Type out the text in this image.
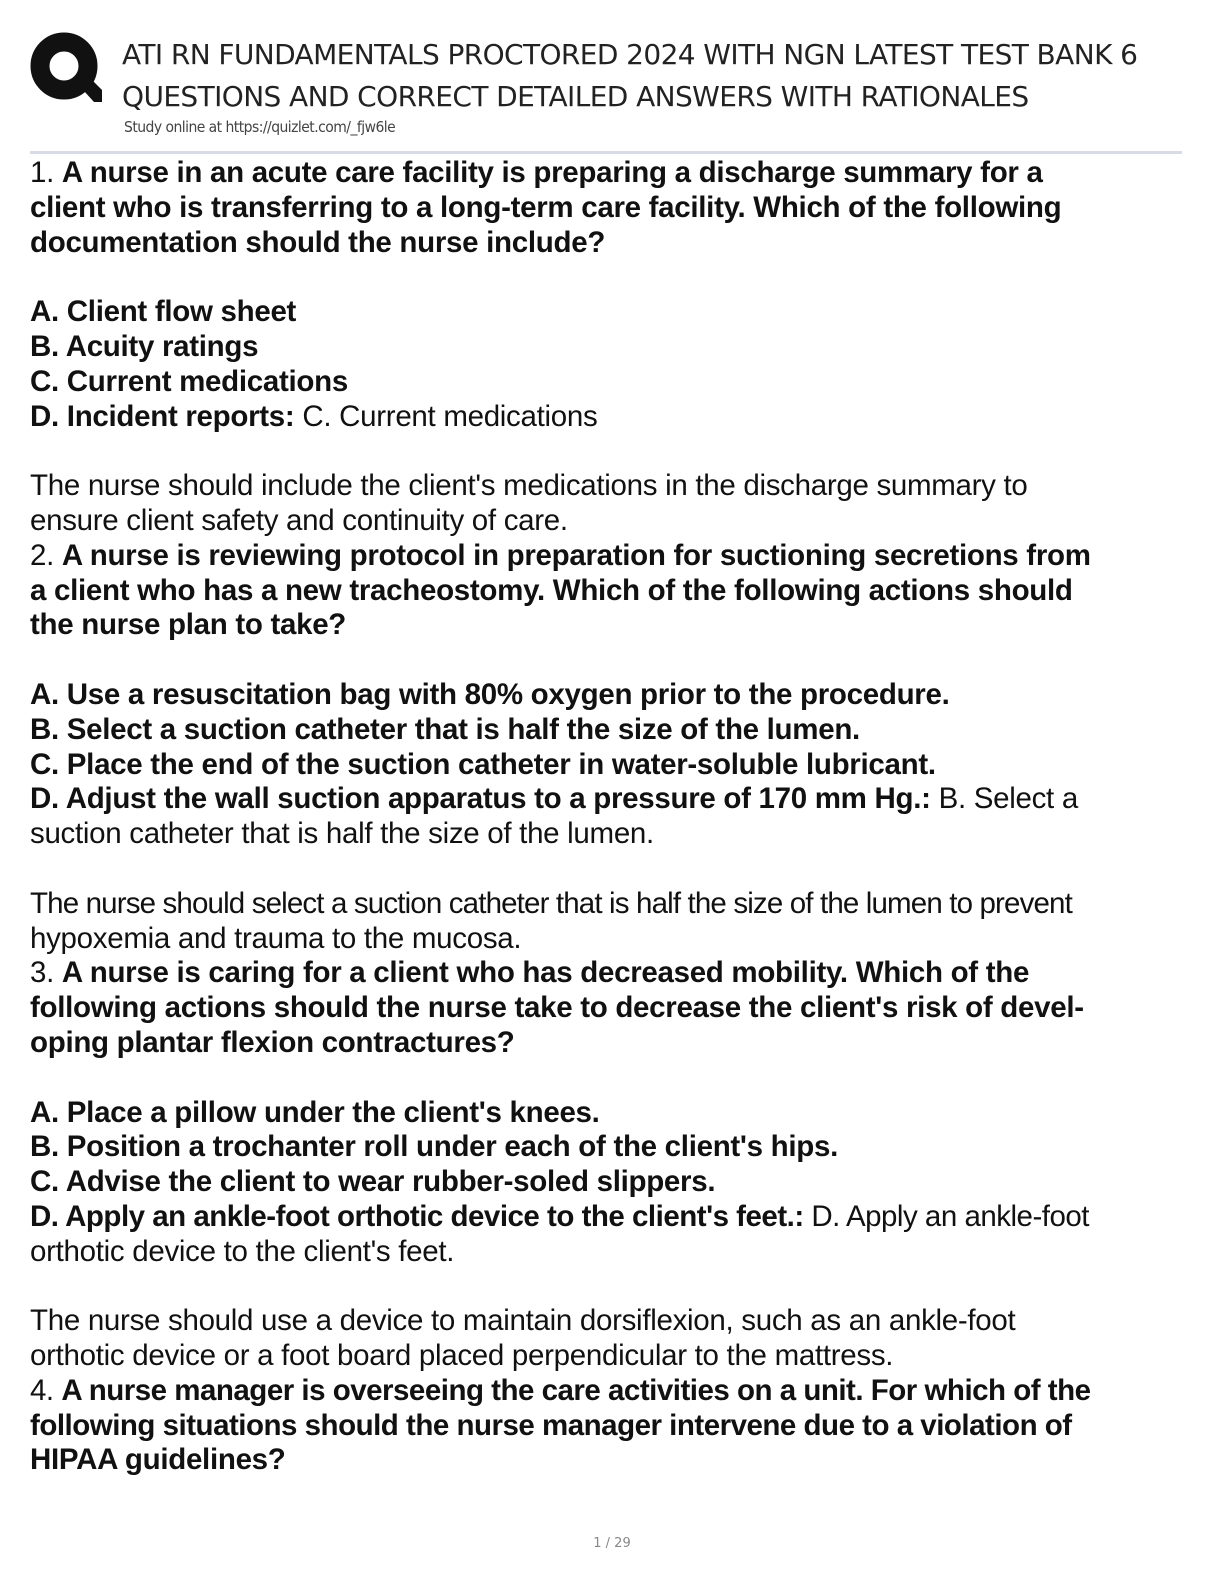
ATI RN FUNDAMENTALS PROCTORED 2024 WITH NGN LATEST TEST BANK 6
QUESTIONS AND CORRECT DETAILED ANSWERS WITH RATIONALES
Study online at https://quizlet.com/_fjw6le

1. A nurse in an acute care facility is preparing a discharge summary for a

client who is transferring to a long-term care facility. Which of the following

documentation should the nurse include?

A. Client flow sheet

B. Acuity ratings

C. Current medications

D. Incident reports: C. Current medications

The nurse should include the client's medications in the discharge summary to

ensure client safety and continuity of care.

2. A nurse is reviewing protocol in preparation for suctioning secretions from

a client who has a new tracheostomy. Which of the following actions should

the nurse plan to take?

A. Use a resuscitation bag with 80% oxygen prior to the procedure.

B. Select a suction catheter that is half the size of the lumen.

C. Place the end of the suction catheter in water-soluble lubricant.

D. Adjust the wall suction apparatus to a pressure of 170 mm Hg.: B. Select a

suction catheter that is half the size of the lumen.

The nurse should select a suction catheter that is half the size of the lumen to prevent

hypoxemia and trauma to the mucosa.

3. A nurse is caring for a client who has decreased mobility. Which of the

following actions should the nurse take to decrease the client's risk of devel-

oping plantar flexion contractures?

A. Place a pillow under the client's knees.

B. Position a trochanter roll under each of the client's hips.

C. Advise the client to wear rubber-soled slippers.

D. Apply an ankle-foot orthotic device to the client's feet.: D. Apply an ankle-foot

orthotic device to the client's feet.

The nurse should use a device to maintain dorsiflexion, such as an ankle-foot

orthotic device or a foot board placed perpendicular to the mattress.

4. A nurse manager is overseeing the care activities on a unit. For which of the

following situations should the nurse manager intervene due to a violation of

HIPAA guidelines?

1 / 29
